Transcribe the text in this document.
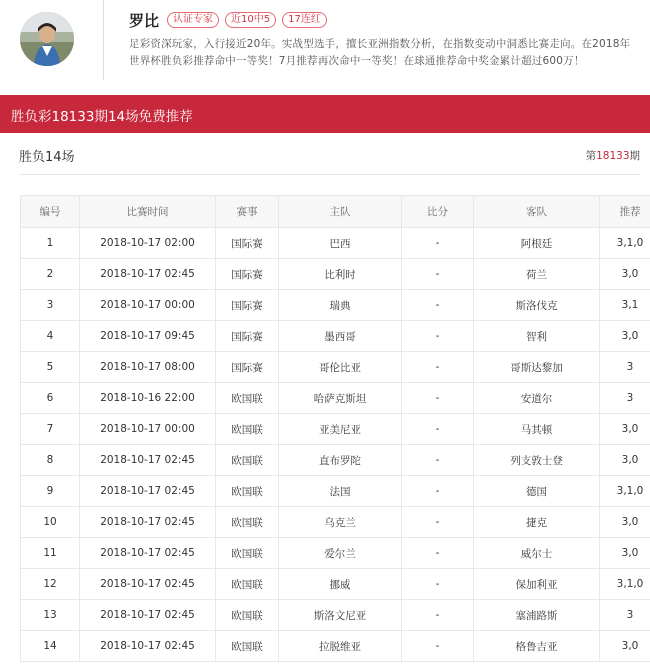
罗比	认证专家	近10中5	17连红
足彩资深玩家，入行接近20年。实战型选手，擅长亚洲指数分析，在指数变动中洞悉比赛走向。在2018年世界杯胜负彩推荐命中一等奖！7月推荐再次命中一等奖！在球通推荐命中奖金累计超过600万！
胜负彩18133期14场免费推荐
胜负14场	第18133期
编号	比赛时间	赛事	主队	比分	客队	推荐
1	2018-10-17 02:00	国际赛	巴西	-	阿根廷	3,1,0
2	2018-10-17 02:45	国际赛	比利时	-	荷兰	3,0
3	2018-10-17 00:00	国际赛	瑞典	-	斯洛伐克	3,1
4	2018-10-17 09:45	国际赛	墨西哥	-	智利	3,0
5	2018-10-17 08:00	国际赛	哥伦比亚	-	哥斯达黎加	3
6	2018-10-16 22:00	欧国联	哈萨克斯坦	-	安道尔	3
7	2018-10-17 00:00	欧国联	亚美尼亚	-	马其顿	3,0
8	2018-10-17 02:45	欧国联	直布罗陀	-	列支敦士登	3,0
9	2018-10-17 02:45	欧国联	法国	-	德国	3,1,0
10	2018-10-17 02:45	欧国联	乌克兰	-	捷克	3,0
11	2018-10-17 02:45	欧国联	爱尔兰	-	威尔士	3,0
12	2018-10-17 02:45	欧国联	挪威	-	保加利亚	3,1,0
13	2018-10-17 02:45	欧国联	斯洛文尼亚	-	塞浦路斯	3
14	2018-10-17 02:45	欧国联	拉脱维亚	-	格鲁吉亚	3,0
